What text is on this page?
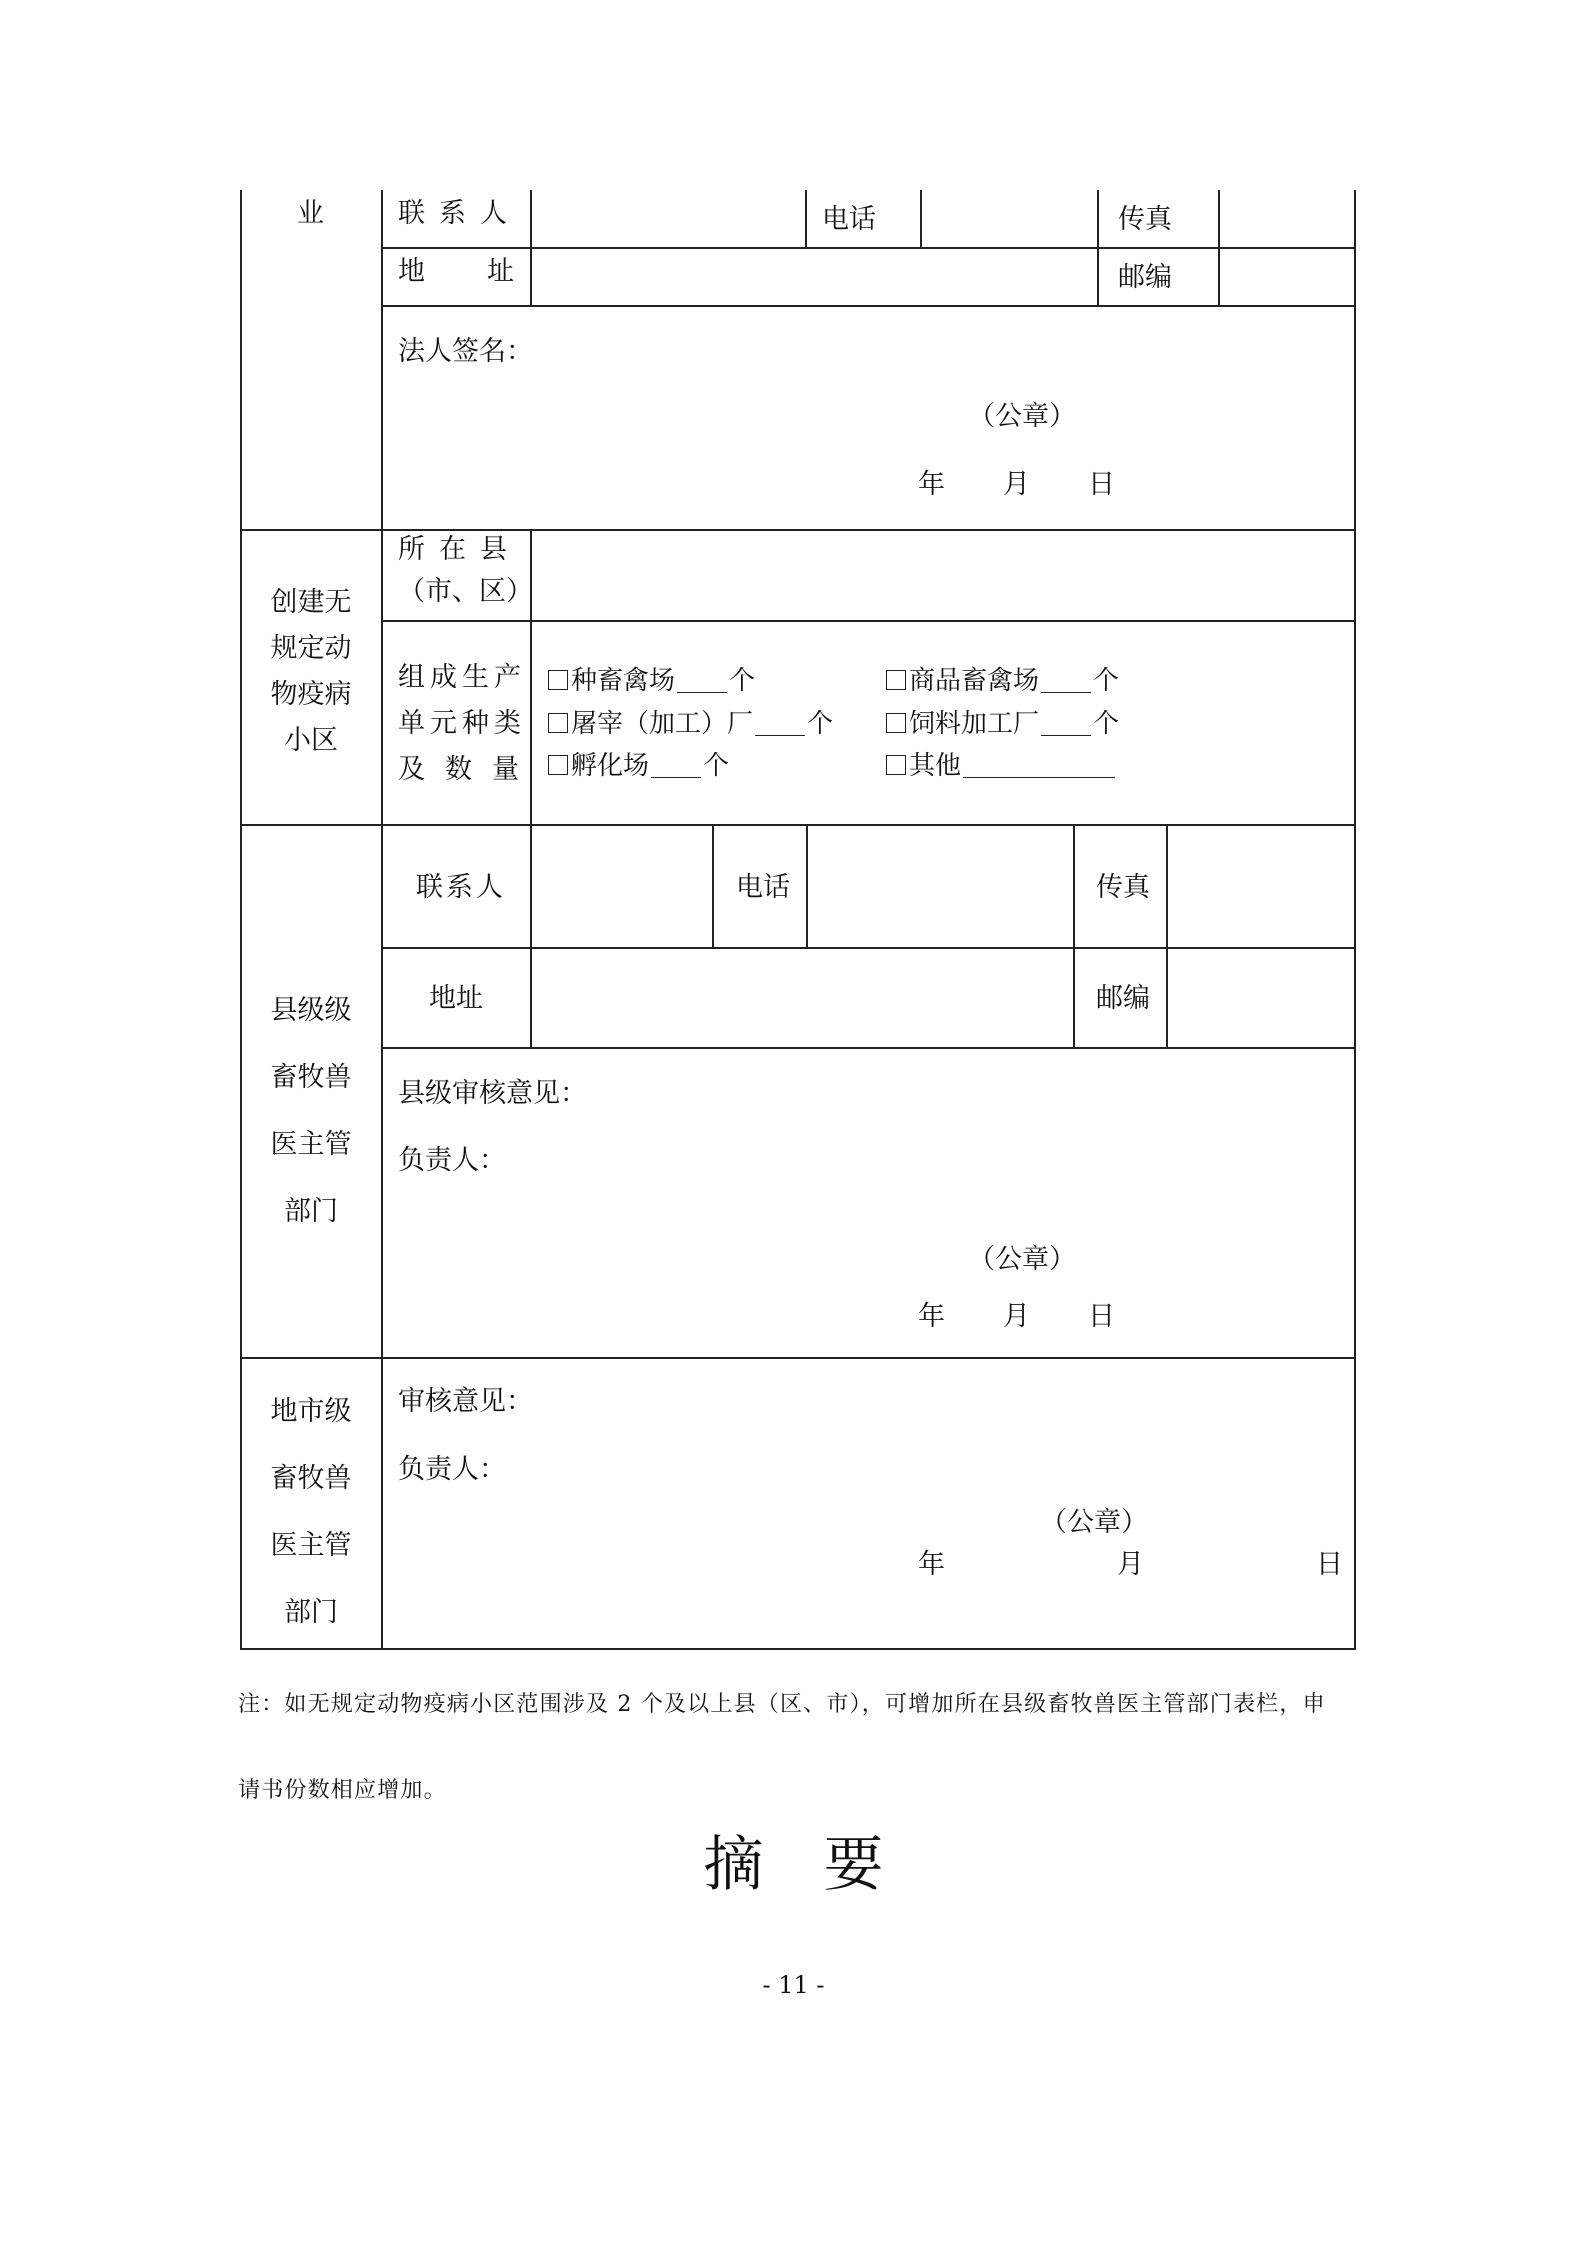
业	联系人	电话	传真
地址	邮编
法人签名：
（公章）
年 月 日
创建无
规定动
物疫病
小区
所在县
（市、区）
组成生产
单元种类
及数量
种畜禽场 个	商品畜禽场 个
屠宰（加工）厂 个	饲料加工厂 个
孵化场 个	其他
县级级
畜牧兽
医主管
部门
联系人	电话	传真
地址	邮编
县级审核意见：
负责人：
（公章）
年 月 日
地市级
畜牧兽
医主管
部门
审核意见：
负责人：
（公章）
年	月	日
注：如无规定动物疫病小区范围涉及 2 个及以上县（区、市），可增加所在县级畜牧兽医主管部门表栏，申
请书份数相应增加。
摘　要
- 11 -
